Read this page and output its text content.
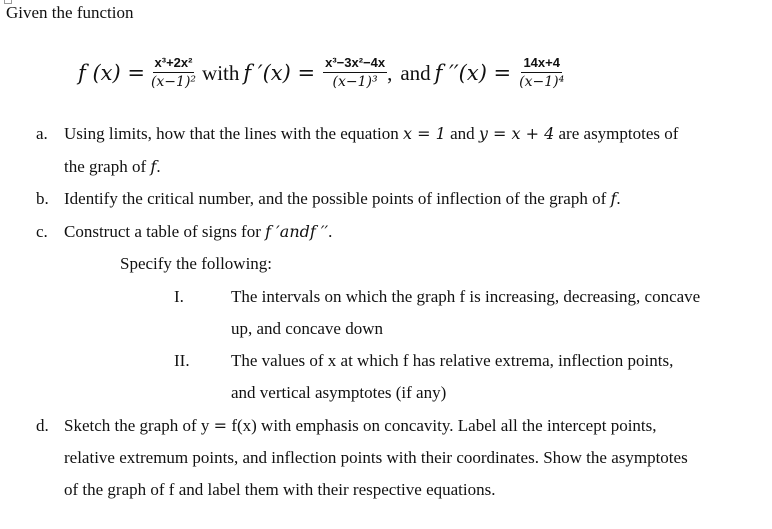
Given the function
f $(x) = \frac{\text{x³+2x²}}{\text{(x−1)²}}$ with f $'(x) = \frac{\text{x³−3x²−4x}}{\text{(x−1)³}}$ , and f $''(x) = \frac{14x+4}{\text{(x−1)⁴}}$
a. Using limits, how that the lines with the equation x = 1 and y = x + 4 are asymptotes of
the graph of f.
b. Identify the critical number, and the possible points of inflection of the graph of f.
c. Construct a table of signs for f ′andf ′′.
Specify the following:
I.	The intervals on which the graph f is increasing, decreasing, concave
up, and concave down
II. The values of x at which f has relative extrema, inflection points,
and vertical asymptotes (if any)
d. Sketch the graph of y = f(x) with emphasis on concavity. Label all the intercept points,
relative extremum points, and inflection points with their coordinates. Show the asymptotes
of the graph of f and label them with their respective equations.
